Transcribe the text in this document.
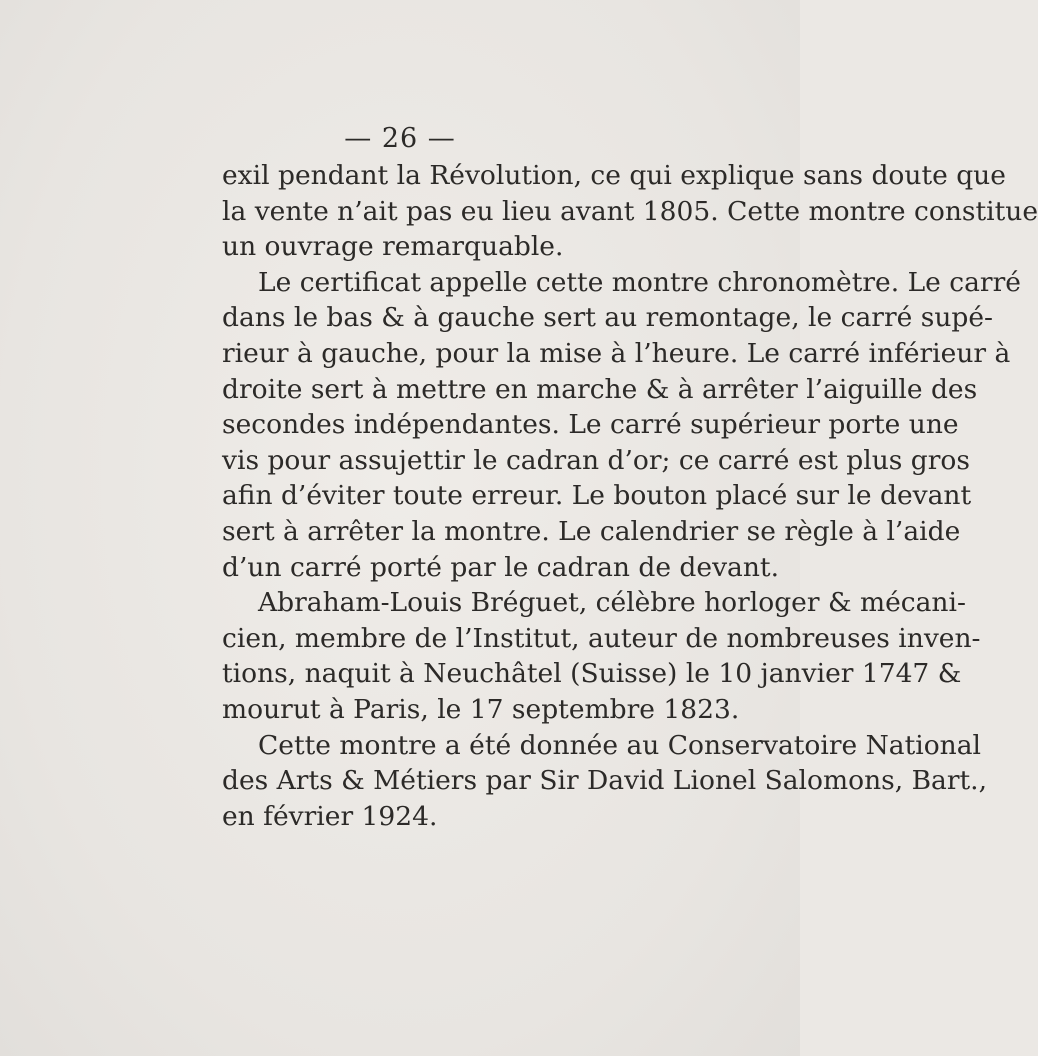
— 26 —
exil pendant la Révolution, ce qui explique sans doute que
la vente n’ait pas eu lieu avant 1805. Cette montre constitue
un ouvrage remarquable.
Le certificat appelle cette montre chronomètre. Le carré
dans le bas & à gauche sert au remontage, le carré supé-
rieur à gauche, pour la mise à l’heure. Le carré inférieur à
droite sert à mettre en marche & à arrêter l’aiguille des
secondes indépendantes. Le carré supérieur porte une
vis pour assujettir le cadran d’or; ce carré est plus gros
afin d’éviter toute erreur. Le bouton placé sur le devant
sert à arrêter la montre. Le calendrier se règle à l’aide
d’un carré porté par le cadran de devant.
Abraham-Louis Bréguet, célèbre horloger & mécani-
cien, membre de l’Institut, auteur de nombreuses inven-
tions, naquit à Neuchâtel (Suisse) le 10 janvier 1747 &
mourut à Paris, le 17 septembre 1823.
Cette montre a été donnée au Conservatoire National
des Arts & Métiers par Sir David Lionel Salomons, Bart.,
en février 1924.
